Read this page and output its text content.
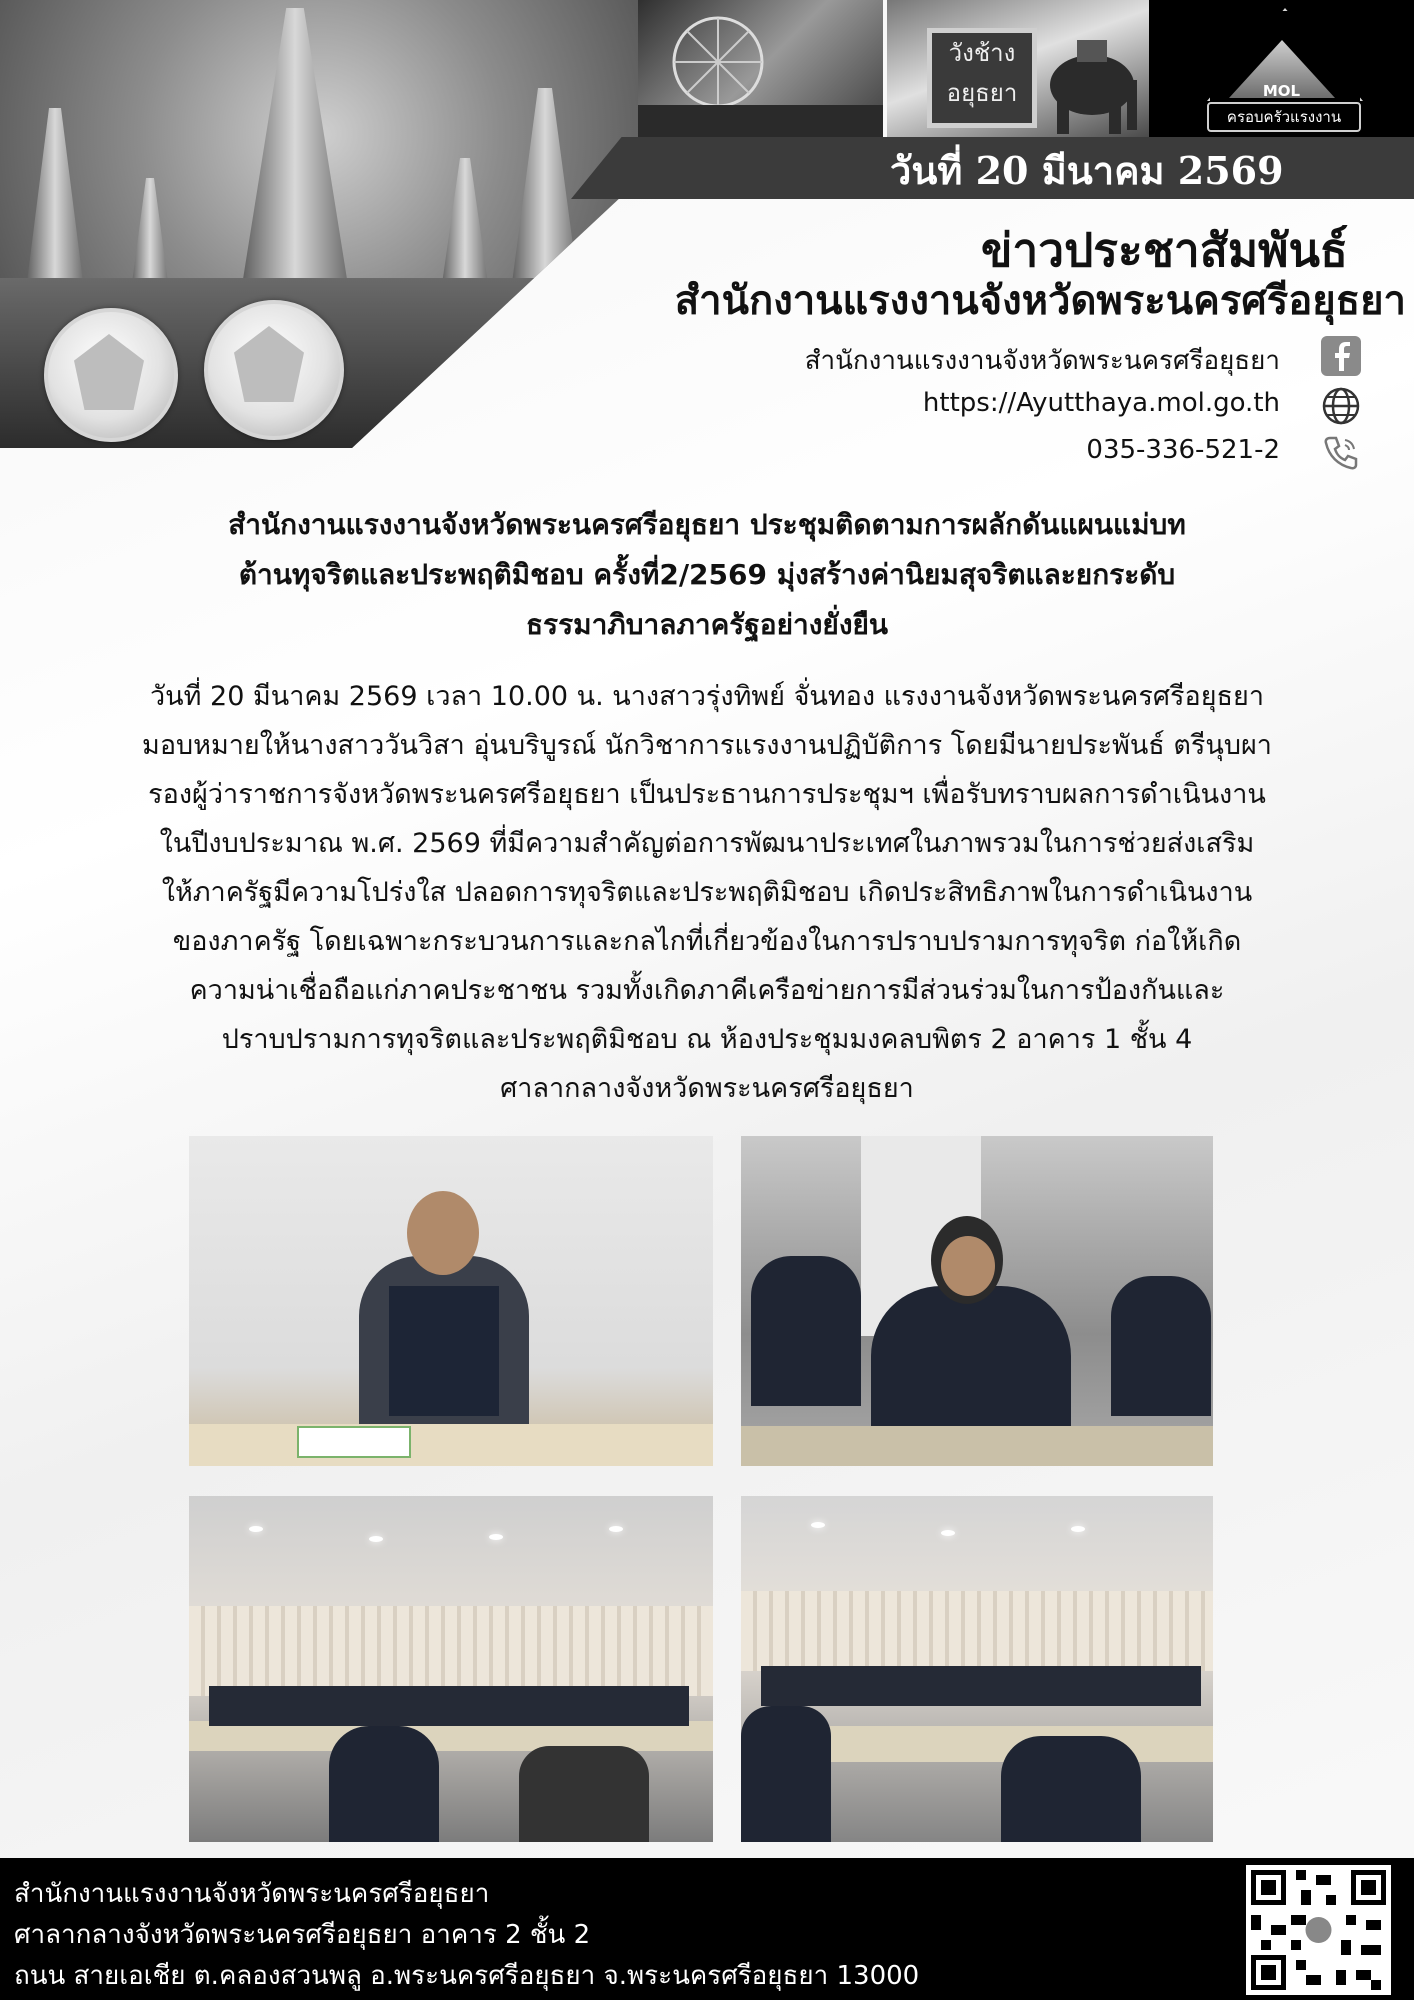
วังช้างอยุธยา	MOL
ครอบครัวแรงงาน
วันที่ 20 มีนาคม 2569
ข่าวประชาสัมพันธ์
สำนักงานแรงงานจังหวัดพระนครศรีอยุธยา
สำนักงานแรงงานจังหวัดพระนครศรีอยุธยา
https://Ayutthaya.mol.go.th
035-336-521-2
สำนักงานแรงงานจังหวัดพระนครศรีอยุธยา ประชุมติดตามการผลักดันแผนแม่บท
ต้านทุจริตและประพฤติมิชอบ ครั้งที่2/2569 มุ่งสร้างค่านิยมสุจริตและยกระดับ
ธรรมาภิบาลภาครัฐอย่างยั่งยืน
วันที่ 20 มีนาคม 2569 เวลา 10.00 น. นางสาวรุ่งทิพย์ จั่นทอง แรงงานจังหวัดพระนครศรีอยุธยา
มอบหมายให้นางสาววันวิสา อุ่นบริบูรณ์ นักวิชาการแรงงานปฏิบัติการ โดยมีนายประพันธ์ ตรีนุบผา
รองผู้ว่าราชการจังหวัดพระนครศรีอยุธยา เป็นประธานการประชุมฯ เพื่อรับทราบผลการดำเนินงาน
ในปีงบประมาณ พ.ศ. 2569 ที่มีความสำคัญต่อการพัฒนาประเทศในภาพรวมในการช่วยส่งเสริม
ให้ภาครัฐมีความโปร่งใส ปลอดการทุจริตและประพฤติมิชอบ เกิดประสิทธิภาพในการดำเนินงาน
ของภาครัฐ โดยเฉพาะกระบวนการและกลไกที่เกี่ยวข้องในการปราบปรามการทุจริต ก่อให้เกิด
ความน่าเชื่อถือแก่ภาคประชาชน รวมทั้งเกิดภาคีเครือข่ายการมีส่วนร่วมในการป้องกันและ
ปราบปรามการทุจริตและประพฤติมิชอบ ณ ห้องประชุมมงคลบพิตร 2 อาคาร 1 ชั้น 4
ศาลากลางจังหวัดพระนครศรีอยุธยา
สำนักงานแรงงานจังหวัดพระนครศรีอยุธยา
ศาลากลางจังหวัดพระนครศรีอยุธยา อาคาร 2 ชั้น 2
ถนน สายเอเชีย ต.คลองสวนพลู อ.พระนครศรีอยุธยา จ.พระนครศรีอยุธยา 13000
